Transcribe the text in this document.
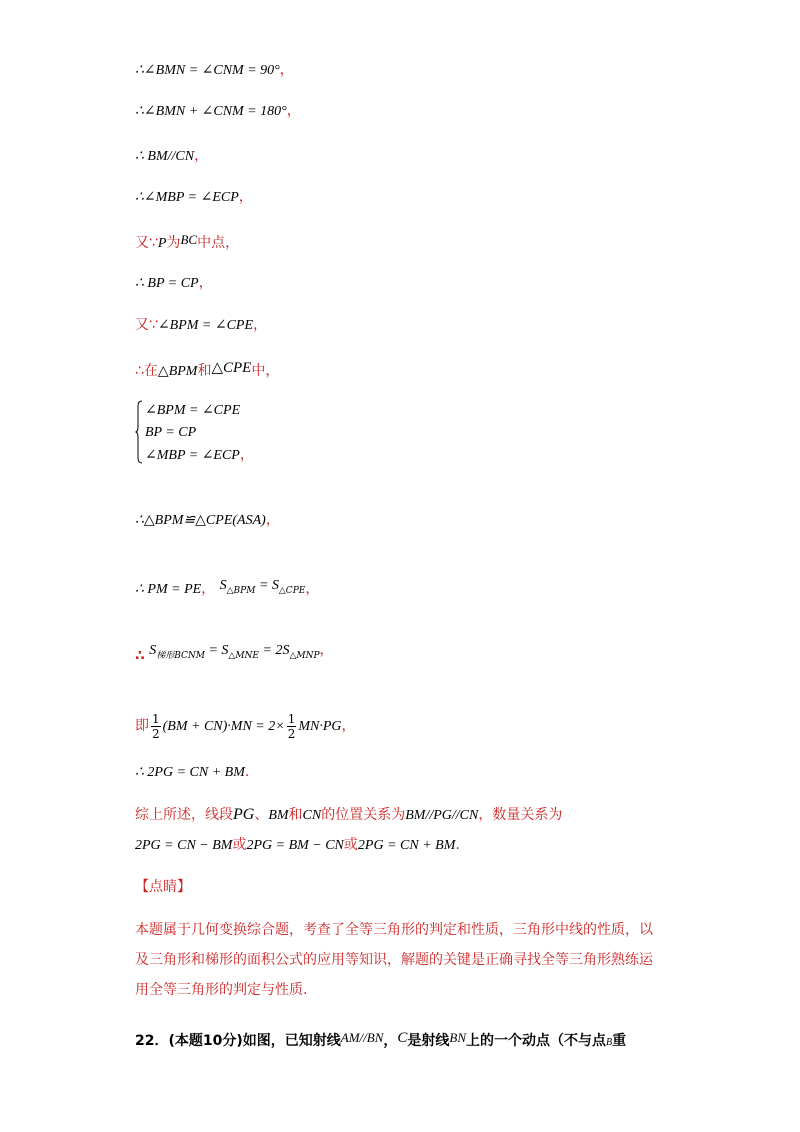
∴∠BMN = ∠CNM = 90°，
∴∠BMN + ∠CNM = 180°，
∴ BM//CN，
∴∠MBP = ∠ECP，
又∵P为BC中点，
∴ BP = CP，
又∵∠BPM = ∠CPE，
∴在△BPM和△CPE中，
∠BPM = ∠CPE
BP = CP
∠MBP = ∠ECP，
∴△BPM≌△CPE(ASA)，
∴ PM = PE， $S_{\triangle BPM} = S_{\triangle CPE}$，
∴ $S_{梯形BCNM} = S_{\triangle MNE} = 2S_{\triangle MNP}$，
即 $\frac{1}{2} (BM + CN)\cdot MN = 2\times \frac{1}{2} MN\cdot PG$，
∴ 2PG = CN + BM.
综上所述，线段PG、BM和CN的位置关系为BM//PG//CN，数量关系为
2PG = CN − BM或2PG = BM − CN或2PG = CN + BM.
【点睛】
本题属于几何变换综合题，考查了全等三角形的判定和性质，三角形中线的性质，以及三角形和梯形的面积公式的应用等知识，解题的关键是正确寻找全等三角形熟练运用全等三角形的判定与性质.
22．(本题10分)如图，已知射线AM//BN，C是射线BN上的一个动点（不与点B重
